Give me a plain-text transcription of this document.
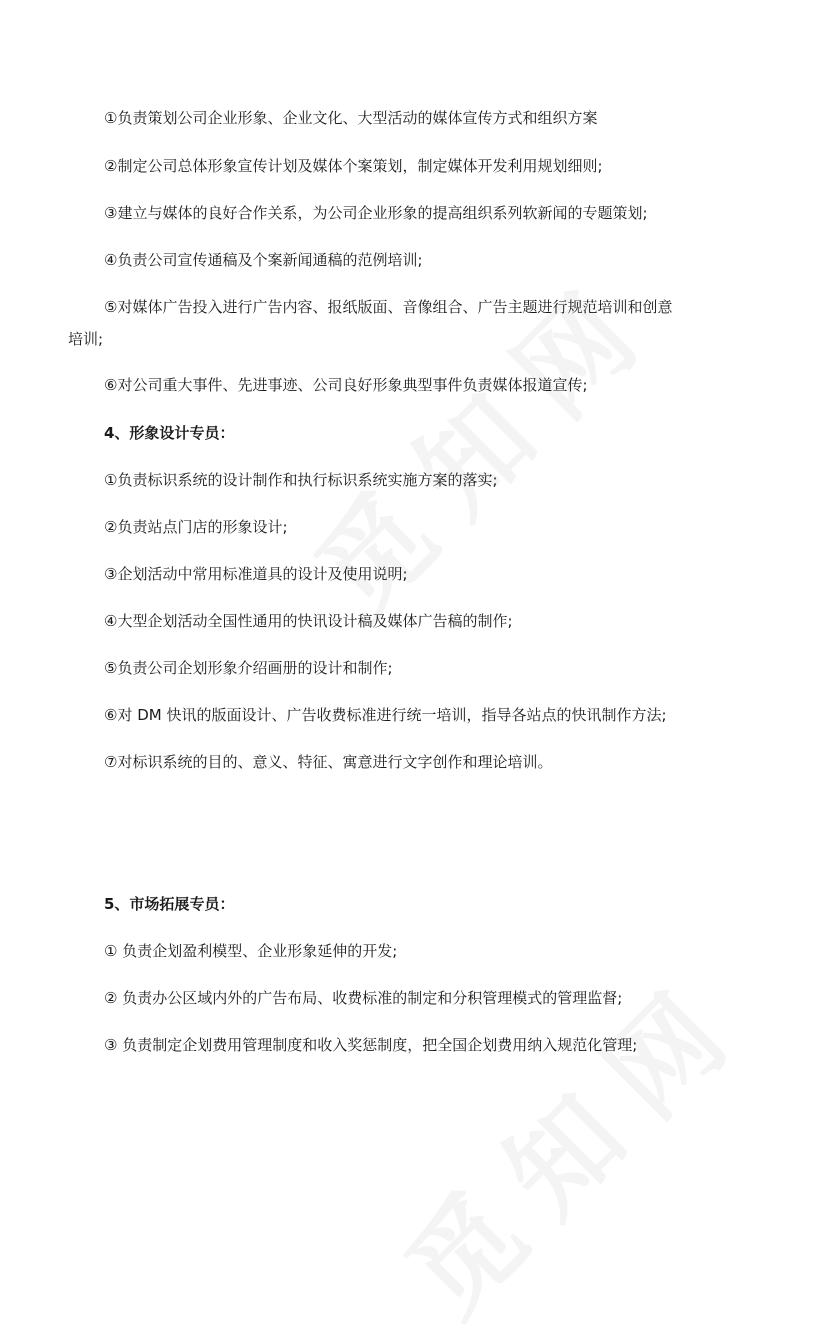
①负责策划公司企业形象、企业文化、大型活动的媒体宣传方式和组织方案
②制定公司总体形象宣传计划及媒体个案策划，制定媒体开发利用规划细则;
③建立与媒体的良好合作关系，为公司企业形象的提高组织系列软新闻的专题策划;
④负责公司宣传通稿及个案新闻通稿的范例培训;
⑤对媒体广告投入进行广告内容、报纸版面、音像组合、广告主题进行规范培训和创意
培训;
⑥对公司重大事件、先进事迹、公司良好形象典型事件负责媒体报道宣传;
4、形象设计专员：
①负责标识系统的设计制作和执行标识系统实施方案的落实;
②负责站点门店的形象设计;
③企划活动中常用标准道具的设计及使用说明;
④大型企划活动全国性通用的快讯设计稿及媒体广告稿的制作;
⑤负责公司企划形象介绍画册的设计和制作;
⑥对 DM 快讯的版面设计、广告收费标准进行统一培训，指导各站点的快讯制作方法;
⑦对标识系统的目的、意义、特征、寓意进行文字创作和理论培训。
5、市场拓展专员：
① 负责企划盈利模型、企业形象延伸的开发;
② 负责办公区域内外的广告布局、收费标准的制定和分积管理模式的管理监督;
③ 负责制定企划费用管理制度和收入奖惩制度，把全国企划费用纳入规范化管理;
